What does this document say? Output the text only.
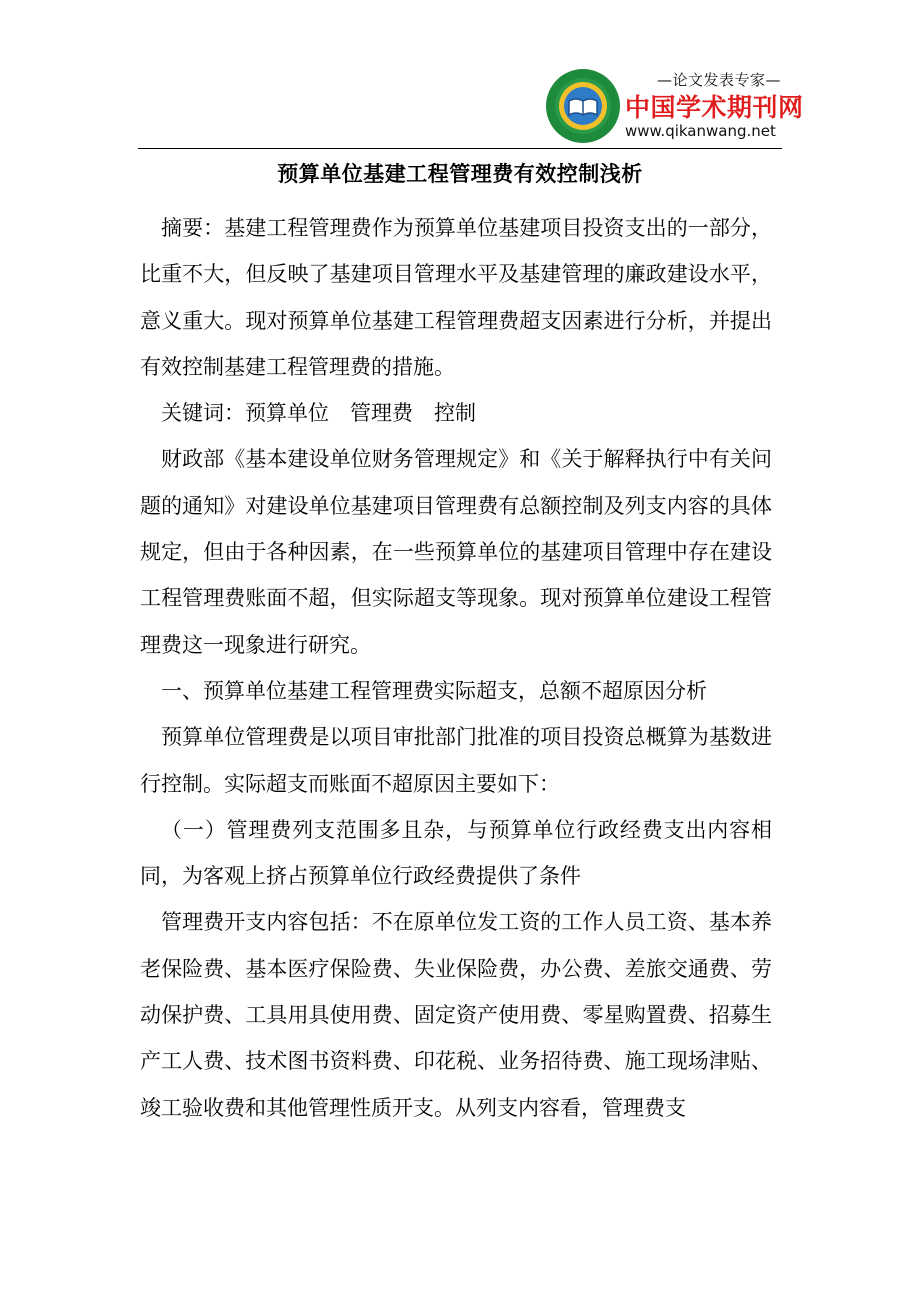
—论文发表专家—
中国学术期刊网
www.qikanwang.net
预算单位基建工程管理费有效控制浅析

摘要：基建工程管理费作为预算单位基建项目投资支出的一部分，比重不大，但反映了基建项目管理水平及基建管理的廉政建设水平，意义重大。现对预算单位基建工程管理费超支因素进行分析，并提出有效控制基建工程管理费的措施。

关键词：预算单位　管理费　控制

财政部《基本建设单位财务管理规定》和《关于解释执行中有关问题的通知》对建设单位基建项目管理费有总额控制及列支内容的具体规定，但由于各种因素，在一些预算单位的基建项目管理中存在建设工程管理费账面不超，但实际超支等现象。现对预算单位建设工程管理费这一现象进行研究。

一、预算单位基建工程管理费实际超支，总额不超原因分析

预算单位管理费是以项目审批部门批准的项目投资总概算为基数进行控制。实际超支而账面不超原因主要如下：

（一）管理费列支范围多且杂，与预算单位行政经费支出内容相同，为客观上挤占预算单位行政经费提供了条件

管理费开支内容包括：不在原单位发工资的工作人员工资、基本养老保险费、基本医疗保险费、失业保险费，办公费、差旅交通费、劳动保护费、工具用具使用费、固定资产使用费、零星购置费、招募生产工人费、技术图书资料费、印花税、业务招待费、施工现场津贴、竣工验收费和其他管理性质开支。从列支内容看，管理费支
